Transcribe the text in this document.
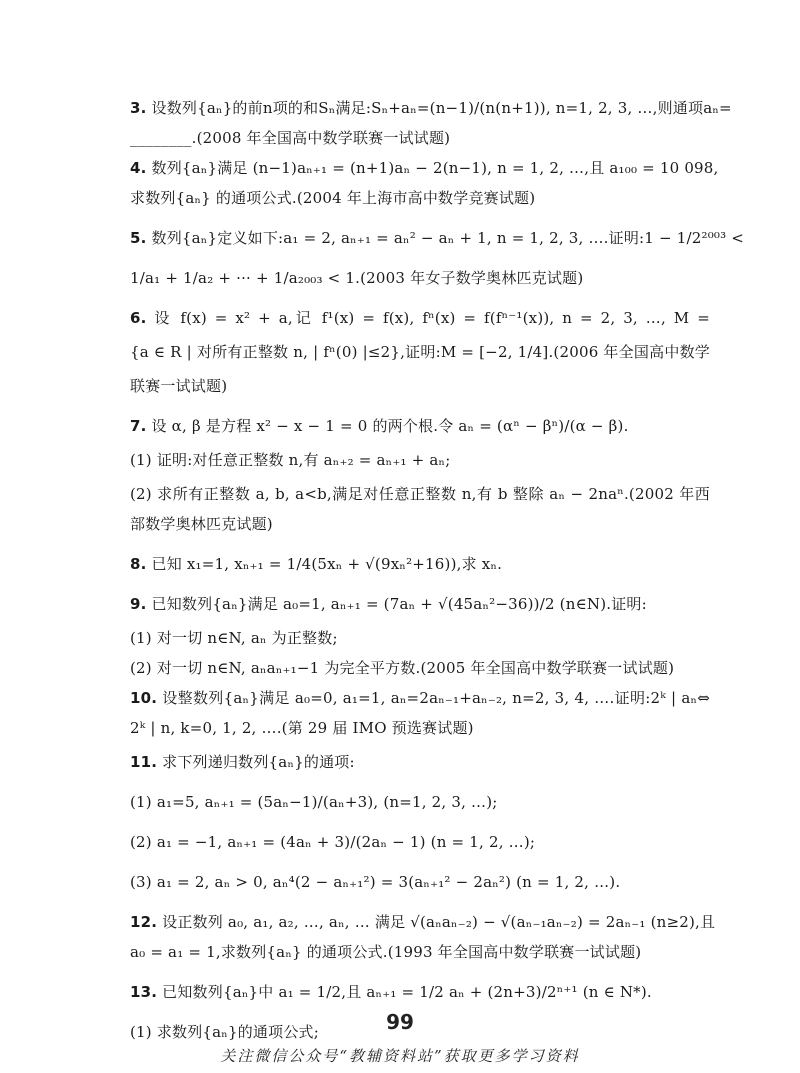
3. 设数列{aₙ}的前n项的和Sₙ满足:Sₙ+aₙ=(n−1)/(n(n+1)), n=1, 2, 3, …,则通项aₙ=
________.(2008 年全国高中数学联赛一试试题)
4. 数列{aₙ}满足 (n−1)aₙ₊₁ = (n+1)aₙ − 2(n−1), n = 1, 2, …,且 a₁₀₀ = 10 098,
求数列{aₙ} 的通项公式.(2004 年上海市高中数学竞赛试题)
5. 数列{aₙ}定义如下:a₁ = 2, aₙ₊₁ = aₙ² − aₙ + 1, n = 1, 2, 3, ….证明:1 − 1/2²⁰⁰³ <
1/a₁ + 1/a₂ + ··· + 1/a₂₀₀₃ < 1.(2003 年女子数学奥林匹克试题)
6. 设 f(x) = x² + a,记 f¹(x) = f(x), fⁿ(x) = f(fⁿ⁻¹(x)), n = 2, 3, …, M =
{a ∈ R | 对所有正整数 n, | fⁿ(0) |≤2},证明:M = [−2, 1/4].(2006 年全国高中数学
联赛一试试题)
7. 设 α, β 是方程 x² − x − 1 = 0 的两个根.令 aₙ = (αⁿ − βⁿ)/(α − β).
(1) 证明:对任意正整数 n,有 aₙ₊₂ = aₙ₊₁ + aₙ;
(2) 求所有正整数 a, b, a<b,满足对任意正整数 n,有 b 整除 aₙ − 2naⁿ.(2002 年西
部数学奥林匹克试题)
8. 已知 x₁=1, xₙ₊₁ = 1/4(5xₙ + √(9xₙ²+16)),求 xₙ.
9. 已知数列{aₙ}满足 a₀=1, aₙ₊₁ = (7aₙ + √(45aₙ²−36))/2 (n∈N).证明:
(1) 对一切 n∈N, aₙ 为正整数;
(2) 对一切 n∈N, aₙaₙ₊₁−1 为完全平方数.(2005 年全国高中数学联赛一试试题)
10. 设整数列{aₙ}满足 a₀=0, a₁=1, aₙ=2aₙ₋₁+aₙ₋₂, n=2, 3, 4, ….证明:2ᵏ | aₙ⇔
2ᵏ | n, k=0, 1, 2, ….(第 29 届 IMO 预选赛试题)
11. 求下列递归数列{aₙ}的通项:
(1) a₁=5, aₙ₊₁ = (5aₙ−1)/(aₙ+3), (n=1, 2, 3, …);
(2) a₁ = −1, aₙ₊₁ = (4aₙ + 3)/(2aₙ − 1) (n = 1, 2, …);
(3) a₁ = 2, aₙ > 0, aₙ⁴(2 − aₙ₊₁²) = 3(aₙ₊₁² − 2aₙ²) (n = 1, 2, …).
12. 设正数列 a₀, a₁, a₂, …, aₙ, … 满足 √(aₙaₙ₋₂) − √(aₙ₋₁aₙ₋₂) = 2aₙ₋₁ (n≥2),且
a₀ = a₁ = 1,求数列{aₙ} 的通项公式.(1993 年全国高中数学联赛一试试题)
13. 已知数列{aₙ}中 a₁ = 1/2,且 aₙ₊₁ = 1/2 aₙ + (2n+3)/2ⁿ⁺¹ (n ∈ N*).
(1) 求数列{aₙ}的通项公式;	99
关注微信公众号“教辅资料站”获取更多学习资料
